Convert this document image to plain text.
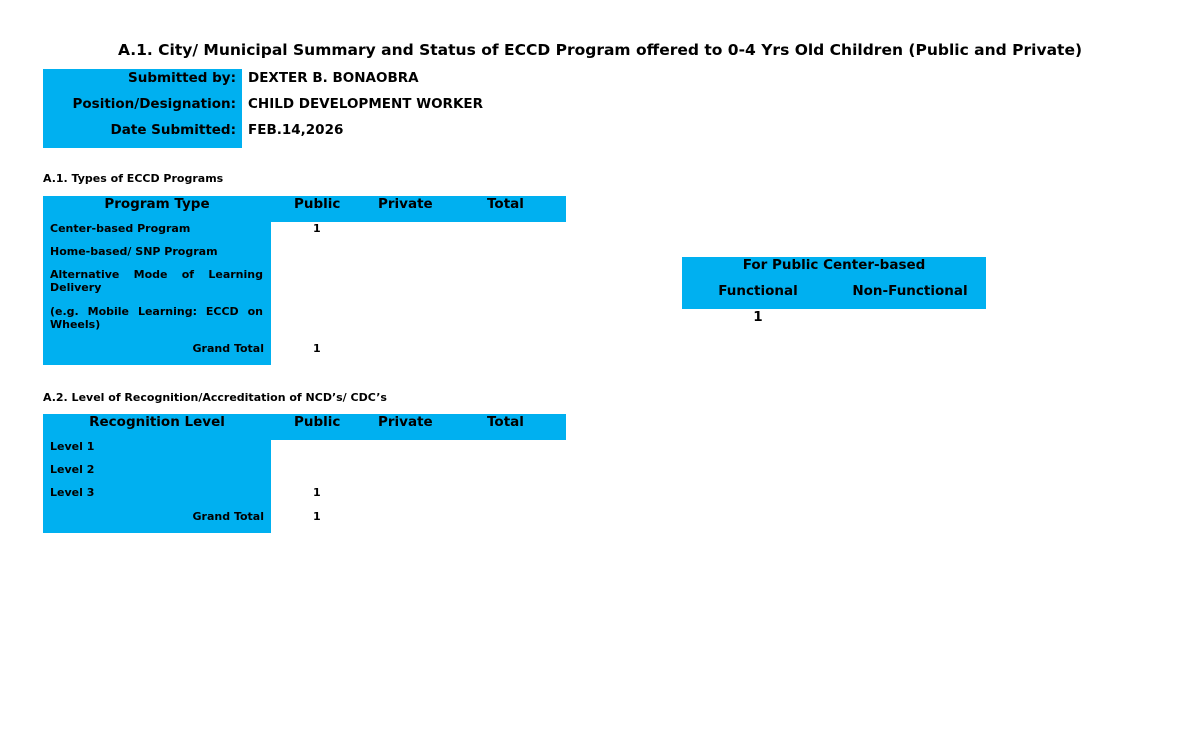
A.1. City/ Municipal Summary and Status of ECCD Program offered to 0-4 Yrs Old Children (Public and Private)
Submitted by: DEXTER B. BONAOBRA
Position/Designation: CHILD DEVELOPMENT WORKER
Date Submitted: FEB.14,2026
A.1. Types of ECCD Programs
Program Type	Public	Private	Total
Center-based Program	1
Home-based/ SNP Program
Alternative Mode of Learning
Delivery
(e.g. Mobile Learning: ECCD on
Wheels)
Grand Total	1
A.2. Level of Recognition/Accreditation of NCD’s/ CDC’s
Recognition Level	Public	Private	Total
Level 1
Level 2
Level 3	1
Grand Total	1
For Public Center-based
Functional	Non-Functional
1
